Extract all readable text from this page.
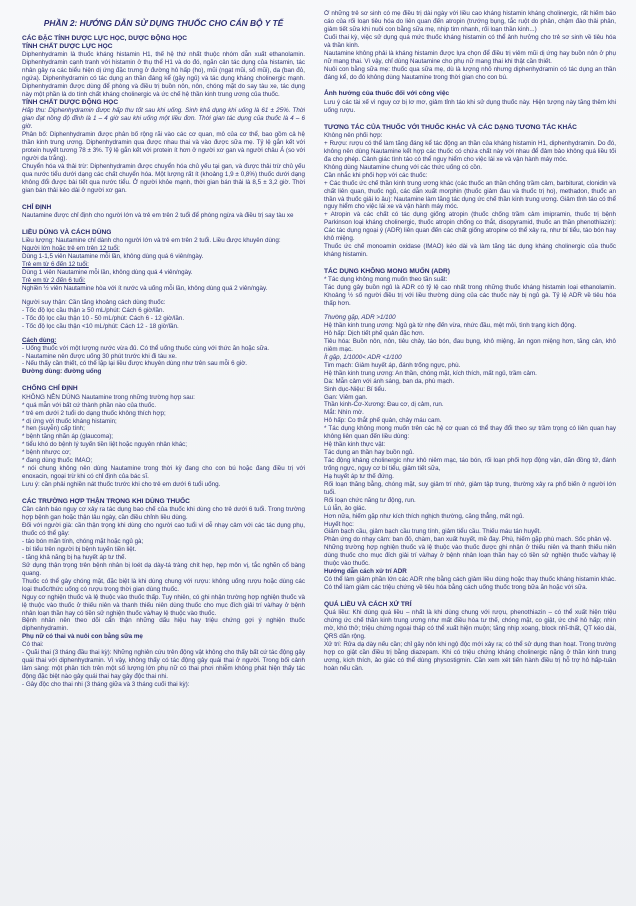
PHẦN 2: HƯỚNG DẪN SỬ DỤNG THUỐC CHO CÁN BỘ Y TẾ
CÁC ĐẶC TÍNH DƯỢC LỰC HỌC, DƯỢC ĐỘNG HỌC
TÍNH CHẤT DƯỢC LỰC HỌC

Diphenhydramin là thuốc kháng histamin H1, thế hệ thứ nhất thuộc nhóm dẫn xuất ethanolamin. Diphenhydramin cạnh tranh với histamin ở thụ thể H1 và do đó, ngăn cản tác dụng của histamin, tác nhân gây ra các biểu hiện dị ứng đặc trưng ở đường hô hấp (ho), mũi (ngạt mũi, sổ mũi), da (ban đỏ, ngứa). Diphenhydramin có tác dụng an thần đáng kể (gây ngủ) và tác dụng kháng cholinergic mạnh. Diphenhydramin được dùng để phòng và điều trị buồn nôn, nôn, chóng mặt do say tàu xe, tác dụng này một phần là do tính chất kháng cholinergic và ức chế hệ thần kinh trung ương của thuốc.

TÍNH CHẤT DƯỢC ĐỘNG HỌC

Hấp thu: Diphenhydramin được hấp thu tốt sau khi uống. Sinh khả dụng khi uống là 61 ± 25%. Thời gian đạt nồng độ đỉnh là 1 – 4 giờ sau khi uống một liều đơn. Thời gian tác dụng của thuốc là 4 – 6 giờ.

Phân bố: Diphenhydramin được phân bố rộng rãi vào các cơ quan, mô của cơ thể, bao gồm cả hệ thần kinh trung ương. Diphenhydramin qua được nhau thai và vào được sữa mẹ. Tỷ lệ gắn kết với protein huyết tương 78 ± 3%. Tỷ lệ gắn kết với protein ít hơn ở người xơ gan và người châu Á (so với người da trắng).

Chuyển hóa và thải trừ: Diphenhydramin được chuyển hóa chủ yếu tại gan, và được thải trừ chủ yếu qua nước tiểu dưới dạng các chất chuyển hóa. Một lượng rất ít (khoảng 1,9 ± 0,8%) thuốc dưới dạng không đổi được bài tiết qua nước tiểu. Ở người khỏe mạnh, thời gian bán thải là 8,5 ± 3,2 giờ. Thời gian bán thải kéo dài ở người xơ gan.

CHỈ ĐỊNH

Nautamine được chỉ định cho người lớn và trẻ em trên 2 tuổi để phòng ngừa và điều trị say tàu xe

LIỀU DÙNG VÀ CÁCH DÙNG

Liều lượng: Nautamine chỉ dành cho người lớn và trẻ em trên 2 tuổi. Liều được khuyên dùng:

Người lớn hoặc trẻ em trên 12 tuổi:

Dùng 1-1,5 viên Nautamine mỗi lần, không dùng quá 6 viên/ngày.

Trẻ em từ 6 đến 12 tuổi:

Dùng 1 viên Nautamine mỗi lần, không dùng quá 4 viên/ngày.

Trẻ em từ 2 đến 6 tuổi:

Nghiền ½ viên Nautamine hòa với ít nước và uống mỗi lần, không dùng quá 2 viên/ngày.

Người suy thận: Cần tăng khoảng cách dùng thuốc:

- Tốc độ lọc cầu thận ≥ 50 mL/phút: Cách 6 giờ/lần.

- Tốc độ lọc cầu thận 10 - 50 mL/phút: Cách 6 - 12 giờ/lần.

- Tốc độ lọc cầu thận <10 mL/phút: Cách 12 - 18 giờ/lần.

Cách dùng:

- Uống thuốc với một lượng nước vừa đủ. Có thể uống thuốc cùng với thức ăn hoặc sữa.

- Nautamine nên được uống 30 phút trước khi đi tàu xe.

- Nếu thấy cần thiết, có thể lặp lại liều được khuyên dùng như trên sau mỗi 6 giờ.

Đường dùng: đường uống

CHỐNG CHỈ ĐỊNH

KHÔNG NÊN DÙNG Nautamine trong những trường hợp sau:

* quá mẫn với bất cứ thành phần nào của thuốc.

* trẻ em dưới 2 tuổi do dạng thuốc không thích hợp;

* dị ứng với thuốc kháng histamin;

* hen (suyễn) cấp tính;

* bệnh tăng nhãn áp (glaucoma);

* tiểu khó do bệnh lý tuyến tiền liệt hoặc nguyên nhân khác;

* bệnh nhược cơ;

* đang dùng thuốc IMAO;

* nói chung không nên dùng Nautamine trong thời kỳ đang cho con bú hoặc đang điều trị với enoxacin, ngoại trừ khi có chỉ định của bác sĩ.

Lưu ý: cần phải nghiền nát thuốc trước khi cho trẻ em dưới 6 tuổi uống.

CÁC TRƯỜNG HỢP THẬN TRỌNG KHI DÙNG THUỐC

Cần cảnh báo nguy cơ xảy ra tác dụng bao chế của thuốc khi dùng cho trẻ dưới 6 tuổi. Trong trường hợp bệnh gan hoặc thận lâu ngày, cần điều chỉnh liều dùng.

Đối với người già: cần thận trọng khi dùng cho người cao tuổi vì dễ nhạy cảm với các tác dụng phụ, thuốc có thể gây:

- táo bón mãn tính, chóng mặt hoặc ngủ gà;

- bí tiểu trên người bị bệnh tuyến tiền liệt.

- tăng khả năng bị hạ huyết áp tư thế.

Sử dụng thận trọng trên bệnh nhân bị loét dạ dày-tá tràng chít hẹp, hẹp môn vị, tắc nghẽn cổ bàng quang.

Thuốc có thể gây chóng mặt, đặc biệt là khi dùng chung với rượu: không uống rượu hoặc dùng các loại thuốc/thức uống có rượu trong thời gian dùng thuốc.

Nguy cơ nghiện thuốc và lệ thuộc vào thuốc thấp. Tuy nhiên, có ghi nhận trường hợp nghiện thuốc và lệ thuộc vào thuốc ở thiếu niên và thanh thiếu niên dùng thuốc cho mục đích giải trí và/hay ở bệnh nhân loạn thần hay có tiền sử nghiện thuốc và/hay lệ thuộc vào thuốc.

Bệnh nhân nên theo dõi cẩn thận những dấu hiệu hay triệu chứng gợi ý nghiện thuốc diphenhydramin.

Phụ nữ có thai và nuôi con bằng sữa mẹ

Có thai:

- Quãi thai (3 tháng đầu thai kỳ): Những nghiên cứu trên động vật không cho thấy bất cứ tác động gây quái thai với diphenhydramin. Vì vậy, không thấy có tác động gây quái thai ở người. Trong bối cảnh lâm sàng: một phân tích trên một số lượng lớn phụ nữ có thai phơi nhiễm không phát hiện thấy tác động đặc biệt nào gây quái thai hay gây độc thai nhi.

- Gây độc cho thai nhi (3 tháng giữa và 3 tháng cuối thai kỳ):

Ở những trẻ sơ sinh có mẹ điều trị dài ngày với liều cao kháng histamin kháng cholinergic, rất hiếm báo cáo của rối loạn tiêu hóa do liên quan đến atropin (trướng bụng, tắc ruột do phân, chậm đào thải phân, giảm tiết sữa khi nuôi con bằng sữa mẹ, nhịp tim nhanh, rối loạn thần kinh...)

Cuối thai kỳ, việc sử dụng quá mức thuốc kháng histamin có thể ảnh hưởng cho trẻ sơ sinh về tiêu hóa và thần kinh.

Nautamine không phải là kháng histamin được lựa chọn để điều trị viêm mũi dị ứng hay buồn nôn ở phụ nữ mang thai. Vì vậy, chỉ dùng Nautamine cho phụ nữ mang thai khi thật cần thiết.

Nuôi con bằng sữa mẹ: thuốc qua sữa mẹ, dù là lượng nhỏ nhưng diphenhydramin có tác dụng an thần đáng kể, do đó không dùng Nautamine trong thời gian cho con bú.

Ảnh hưởng của thuốc đối với công việc

Lưu ý các tài xế vì nguy cơ bị lơ mơ, giảm tỉnh táo khi sử dụng thuốc này. Hiện tượng này tăng thêm khi uống rượu.

TƯƠNG TÁC CỦA THUỐC VỚI THUỐC KHÁC VÀ CÁC DẠNG TƯƠNG TÁC KHÁC

Không nên phối hợp:

+ Rượu: rượu có thể làm tăng đáng kể tác động an thần của kháng histamin H1, diphenhydramin. Do đó, không nên dùng Nautamine kết hợp các thuốc có chứa chất này với nhau để đảm bảo không quá liều tối đa cho phép. Cảnh giác tình táo có thể nguy hiểm cho việc lái xe và vận hành máy móc.

Không dùng Nautamine chung với các thức uống có cồn.

Cần nhắc khi phối hợp với các thuốc:

+ Các thuốc ức chế thần kinh trung ương khác (các thuốc an thần chống trầm cảm, barbiturat, clonidin và chất liên quan, thuốc ngủ, các dẫn xuất morphin (thuốc giảm đau và thuốc trị ho), methadon, thuốc an thần và thuốc giải lo âu): Nautamine làm tăng tác dụng ức chế thần kinh trung ương. Giảm tỉnh táo có thể nguy hiểm cho việc lái xe và vận hành máy móc.

+ Atropin và các chất có tác dụng giống atropin (thuốc chống trầm cảm imipramin, thuốc trị bệnh Parkinson loại kháng cholinergic, thuốc atropin chống co thắt, disopyramid, thuốc an thần phenothiazin): Các tác dụng ngoại ý (ADR) liên quan đến các chất giống atropine có thể xảy ra, như bí tiểu, táo bón hay khô miệng.

Thuốc ức chế monoamin oxidase (IMAO) kéo dài và làm tăng tác dụng kháng cholinergic của thuốc kháng histamin.

TÁC DỤNG KHÔNG MONG MUỐN (ADR)

* Tác dụng không mong muốn theo tần suất:

Tác dụng gây buồn ngủ là ADR có tỷ lệ cao nhất trong những thuốc kháng histamin loại ethanolamin. Khoảng ½ số người điều trị với liều thường dùng của các thuốc này bị ngủ gà. Tỷ lệ ADR về tiêu hóa thấp hơn.

Thường gặp, ADR >1/100

Hệ thần kinh trung ương: Ngủ gà từ nhẹ đến vừa, nhức đầu, mệt mỏi, tình trạng kích động.

Hô hấp: Dịch tiết phế quản đặc hơn.

Tiêu hóa: Buồn nôn, nôn, tiêu chảy, táo bón, đau bụng, khô miệng, ăn ngon miệng hơn, tăng cân, khô niêm mạc.

Ít gặp, 1/1000< ADR <1/100

Tim mạch: Giảm huyết áp, đánh trống ngực, phù.

Hệ thần kinh trung ương: An thần, chóng mặt, kích thích, mất ngủ, trầm cảm.

Da: Mẫn cảm với ánh sáng, ban da, phù mạch.

Sinh dục-Niệu: Bí tiểu.

Gan: Viêm gan.

Thần kinh-Cơ-Xương: Đau cơ, dị cảm, run.

Mắt: Nhìn mờ.

Hô hấp: Co thắt phế quản, chảy máu cam.

* Tác dụng không mong muốn trên các hệ cơ quan có thể thay đổi theo sự trầm trọng có liên quan hay không liên quan đến liều dùng:

Hệ thần kinh thực vật:

Tác dụng an thần hay buồn ngủ.

Tác động kháng cholinergic như khô niêm mạc, táo bón, rối loạn phối hợp động vận, dãn đồng tử, đánh trống ngực, nguy cơ bí tiểu, giảm tiết sữa,

Hạ huyết áp tư thế đứng.

Rối loạn thăng bằng, chóng mặt, suy giảm trí nhớ, giảm tập trung, thường xảy ra phổ biến ở người lớn tuổi.

Rối loạn chức năng tư động, run.

Lú lẫn, ảo giác.

Hơn nữa, hiếm gặp như kích thích nghịch thường, căng thẳng, mất ngủ.

Huyết học:

Giảm bạch cầu, giảm bạch cầu trung tính, giảm tiểu cầu. Thiếu máu tán huyết.

Phản ứng do nhạy cảm: ban đỏ, chàm, ban xuất huyết, mề đay. Phù, hiếm gặp phù mạch. Sốc phản vệ.

Những trường hợp nghiện thuốc và lệ thuộc vào thuốc được ghi nhận ở thiếu niên và thanh thiếu niên dùng thuốc cho mục đích giải trí và/hay ở bệnh nhân loạn thần hay có tiền sử nghiện thuốc và/hay lệ thuộc vào thuốc.

Hướng dẫn cách xử trí ADR

Có thể làm giảm phần lớn các ADR nhẹ bằng cách giảm liều dùng hoặc thay thuốc kháng histamin khác. Có thể làm giảm các triệu chứng về tiêu hóa bằng cách uống thuốc trong bữa ăn hoặc với sữa.

QUÁ LIỀU VÀ CÁCH XỬ TRÍ

Quá liều: Khi dùng quá liều – nhất là khi dùng chung với rượu, phenothiazin – có thể xuất hiện triệu chứng ức chế thần kinh trung ương như mất điều hòa tư thế, chóng mặt, co giật, ức chế hô hấp; nhìn mờ, khó thở; triệu chứng ngoại tháp có thể xuất hiện muộn; tăng nhịp xoang, block nhĩ-thất, QT kéo dài, QRS dãn rộng.

Xử trí: Rửa dạ dày nếu cần; chỉ gây nôn khi ngộ độc mới xảy ra; có thể sử dụng than hoạt. Trong trường hợp co giật cần điều trị bằng diazepam. Khi có triệu chứng kháng cholinergic nặng ở thần kinh trung ương, kích thích, ảo giác có thể dùng physostigmin. Cần xem xét tiến hành điều trị hỗ trợ hô hấp-tuần hoàn nếu cần.
